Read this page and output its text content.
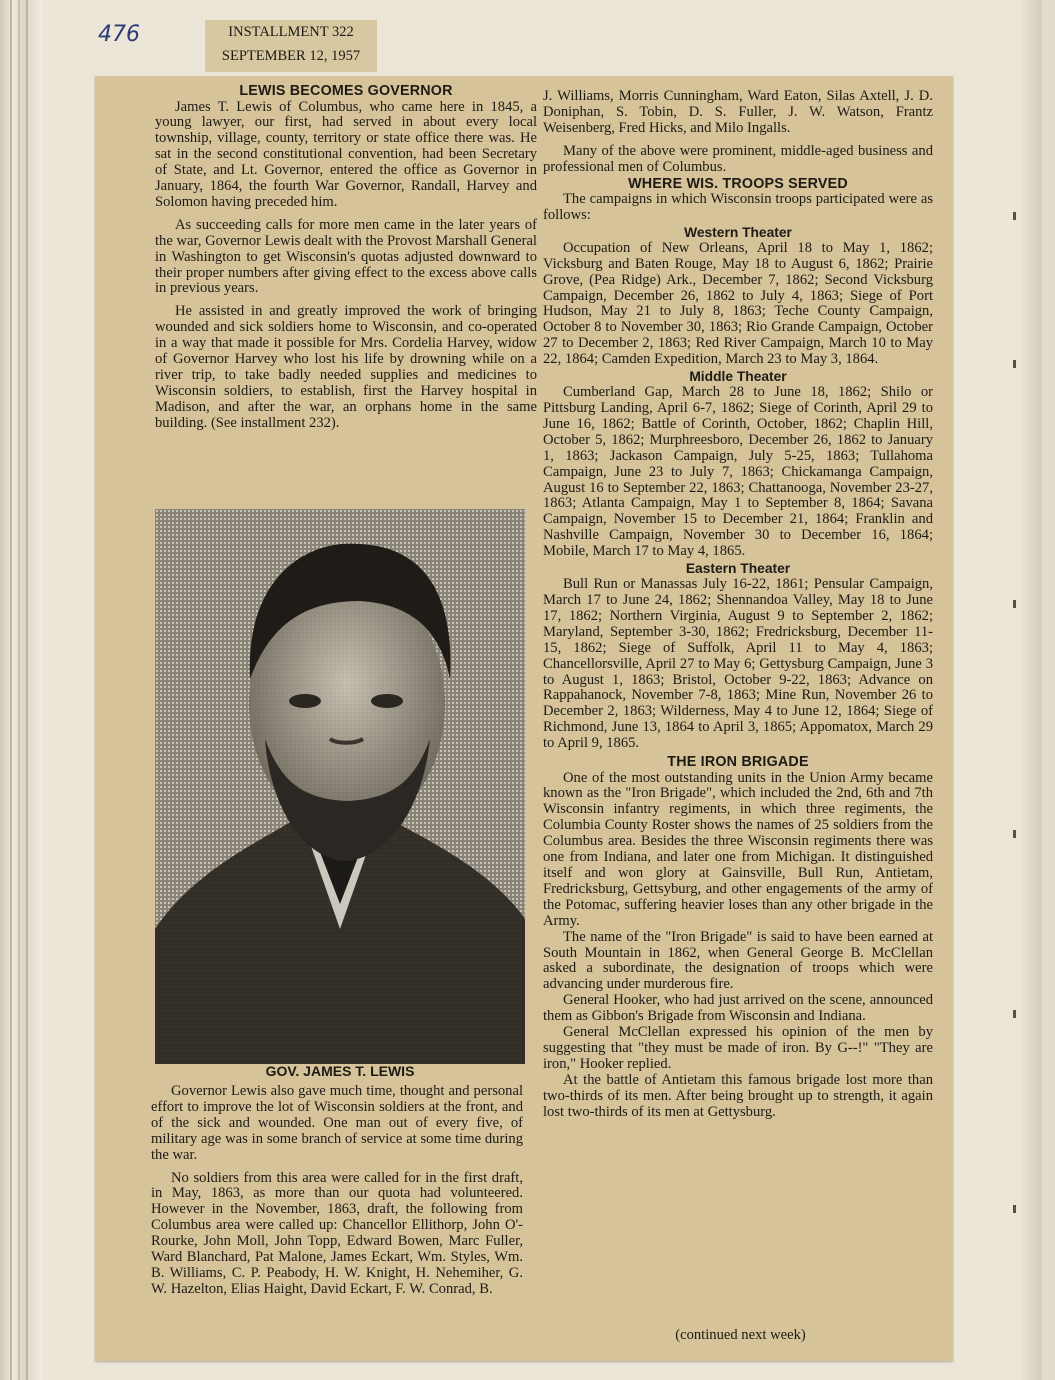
476	INSTALLMENT 322
SEPTEMBER 12, 1957
LEWIS BECOMES GOVERNOR

James T. Lewis of Columbus, who came here in 1845, a young lawyer, our first, had served in about every local township, village, county, territory or state office there was. He sat in the second constitutional convention, had been Secretary of State, and Lt. Governor, entered the office as Governor in January, 1864, the fourth War Governor, Randall, Harvey and Solomon having preceded him.

As succeeding calls for more men came in the later years of the war, Governor Lewis dealt with the Provost Marshall General in Washington to get Wisconsin's quotas adjusted downward to their proper numbers after giving effect to the excess above calls in previous years.

He assisted in and greatly improved the work of bringing wounded and sick soldiers home to Wisconsin, and co-operated in a way that made it possible for Mrs. Cordelia Harvey, widow of Governor Harvey who lost his life by drowning while on a river trip, to take badly needed supplies and medicines to Wisconsin soldiers, to establish, first the Harvey hospital in Madison, and after the war, an orphans home in the same building. (See installment 232).

GOV. JAMES T. LEWIS

Governor Lewis also gave much time, thought and personal effort to improve the lot of Wisconsin soldiers at the front, and of the sick and wounded. One man out of every five, of military age was in some branch of service at some time during the war.

No soldiers from this area were called for in the first draft, in May, 1863, as more than our quota had volunteered. However in the November, 1863, draft, the following from Columbus area were called up: Chancellor Ellithorp, John O'-Rourke, John Moll, John Topp, Edward Bowen, Marc Fuller, Ward Blanchard, Pat Malone, James Eckart, Wm. Styles, Wm. B. Williams, C. P. Peabody, H. W. Knight, H. Nehemiher, G. W. Hazelton, Elias Haight, David Eckart, F. W. Conrad, B.

J. Williams, Morris Cunningham, Ward Eaton, Silas Axtell, J. D. Doniphan, S. Tobin, D. S. Fuller, J. W. Watson, Frantz Weisenberg, Fred Hicks, and Milo Ingalls.

Many of the above were prominent, middle-aged business and professional men of Columbus.

WHERE WIS. TROOPS SERVED

The campaigns in which Wisconsin troops participated were as follows:

Western Theater

Occupation of New Orleans, April 18 to May 1, 1862; Vicksburg and Baten Rouge, May 18 to August 6, 1862; Prairie Grove, (Pea Ridge) Ark., December 7, 1862; Second Vicksburg Campaign, December 26, 1862 to July 4, 1863; Siege of Port Hudson, May 21 to July 8, 1863; Teche County Campaign, October 8 to November 30, 1863; Rio Grande Campaign, October 27 to December 2, 1863; Red River Campaign, March 10 to May 22, 1864; Camden Expedition, March 23 to May 3, 1864.

Middle Theater

Cumberland Gap, March 28 to June 18, 1862; Shilo or Pittsburg Landing, April 6-7, 1862; Siege of Corinth, April 29 to June 16, 1862; Battle of Corinth, October, 1862; Chaplin Hill, October 5, 1862; Murphreesboro, December 26, 1862 to January 1, 1863; Jackason Campaign, July 5-25, 1863; Tullahoma Campaign, June 23 to July 7, 1863; Chickamanga Campaign, August 16 to September 22, 1863; Chattanooga, November 23-27, 1863; Atlanta Campaign, May 1 to September 8, 1864; Savana Campaign, November 15 to December 21, 1864; Franklin and Nashville Campaign, November 30 to December 16, 1864; Mobile, March 17 to May 4, 1865.

Eastern Theater

Bull Run or Manassas July 16-22, 1861; Pensular Campaign, March 17 to June 24, 1862; Shennandoa Valley, May 18 to June 17, 1862; Northern Virginia, August 9 to September 2, 1862; Maryland, September 3-30, 1862; Fredricksburg, December 11-15, 1862; Siege of Suffolk, April 11 to May 4, 1863; Chancellorsville, April 27 to May 6; Gettysburg Campaign, June 3 to August 1, 1863; Bristol, October 9-22, 1863; Advance on Rappahanock, November 7-8, 1863; Mine Run, November 26 to December 2, 1863; Wilderness, May 4 to June 12, 1864; Siege of Richmond, June 13, 1864 to April 3, 1865; Appomatox, March 29 to April 9, 1865.

THE IRON BRIGADE

One of the most outstanding units in the Union Army became known as the "Iron Brigade", which included the 2nd, 6th and 7th Wisconsin infantry regiments, in which three regiments, the Columbia County Roster shows the names of 25 soldiers from the Columbus area. Besides the three Wisconsin regiments there was one from Indiana, and later one from Michigan. It distinguished itself and won glory at Gainsville, Bull Run, Antietam, Fredricksburg, Gettsyburg, and other engagements of the army of the Potomac, suffering heavier loses than any other brigade in the Army.

The name of the "Iron Brigade" is said to have been earned at South Mountain in 1862, when General George B. McClellan asked a subordinate, the designation of troops which were advancing under murderous fire.

General Hooker, who had just arrived on the scene, announced them as Gibbon's Brigade from Wisconsin and Indiana.

General McClellan expressed his opinion of the men by suggesting that "they must be made of iron. By G--!" "They are iron," Hooker replied.

At the battle of Antietam this famous brigade lost more than two-thirds of its men. After being brought up to strength, it again lost two-thirds of its men at Gettysburg.

(continued next week)
